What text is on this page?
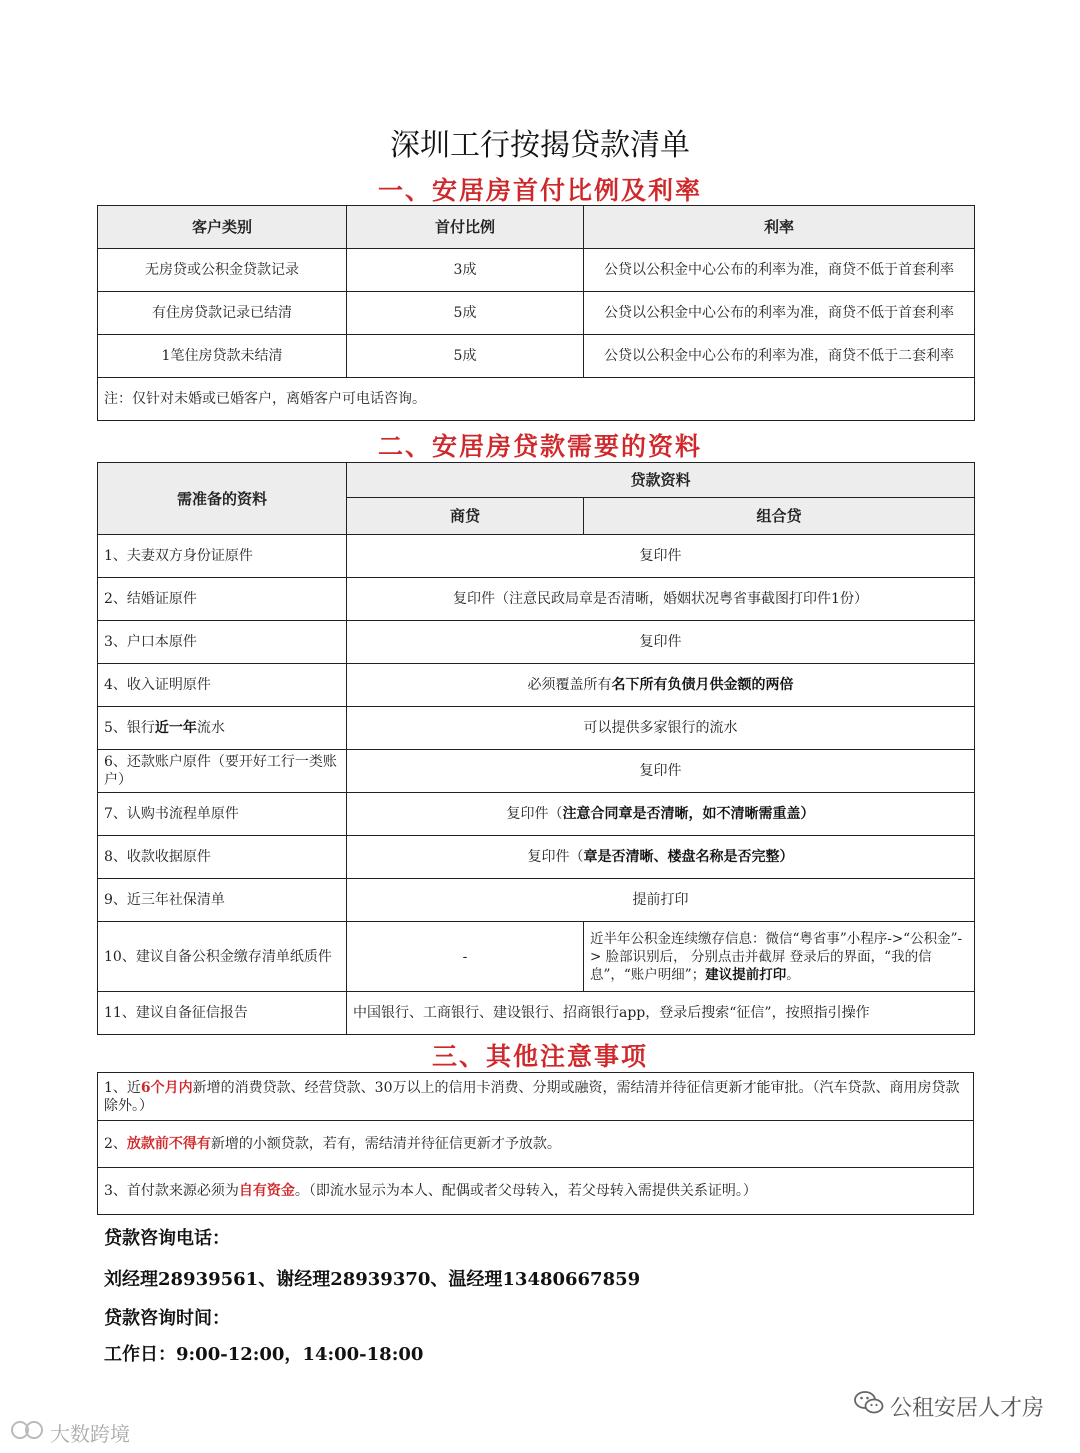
深圳工行按揭贷款清单
一、安居房首付比例及利率
客户类别	首付比例	利率
无房贷或公积金贷款记录	3成	公贷以公积金中心公布的利率为准，商贷不低于首套利率
有住房贷款记录已结清	5成	公贷以公积金中心公布的利率为准，商贷不低于首套利率
1笔住房贷款未结清	5成	公贷以公积金中心公布的利率为准，商贷不低于二套利率
注：仅针对未婚或已婚客户，离婚客户可电话咨询。		
二、安居房贷款需要的资料
需准备的资料	贷款资料	
	商贷	组合贷
1、夫妻双方身份证原件	复印件	
2、结婚证原件	复印件（注意民政局章是否清晰，婚姻状况粤省事截图打印件1份）	
3、户口本原件	复印件	
4、收入证明原件	必须覆盖所有名下所有负债月供金额的两倍	
5、银行近一年流水	可以提供多家银行的流水	
6、还款账户原件（要开好工行一类账户）	复印件	
7、认购书流程单原件	复印件（注意合同章是否清晰，如不清晰需重盖）	
8、收款收据原件	复印件（章是否清晰、楼盘名称是否完整）	
9、近三年社保清单	提前打印	
10、建议自备公积金缴存清单纸质件	-	近半年公积金连续缴存信息：微信“粤省事”小程序->“公积金”-> 脸部识别后， 分别点击并截屏 登录后的界面，“我的信息”，“账户明细”；建议提前打印。
11、建议自备征信报告	中国银行、工商银行、建设银行、招商银行app，登录后搜索“征信”，按照指引操作	
三、其他注意事项
1、近6个月内新增的消费贷款、经营贷款、30万以上的信用卡消费、分期或融资，需结清并待征信更新才能审批。（汽车贷款、商用房贷款除外。）
2、放款前不得有新增的小额贷款，若有，需结清并待征信更新才予放款。
3、首付款来源必须为自有资金。（即流水显示为本人、配偶或者父母转入，若父母转入需提供关系证明。）
贷款咨询电话：
刘经理28939561、谢经理28939370、温经理13480667859
贷款咨询时间：
工作日：9:00-12:00，14:00-18:00
公租安居人才房
大数跨境
